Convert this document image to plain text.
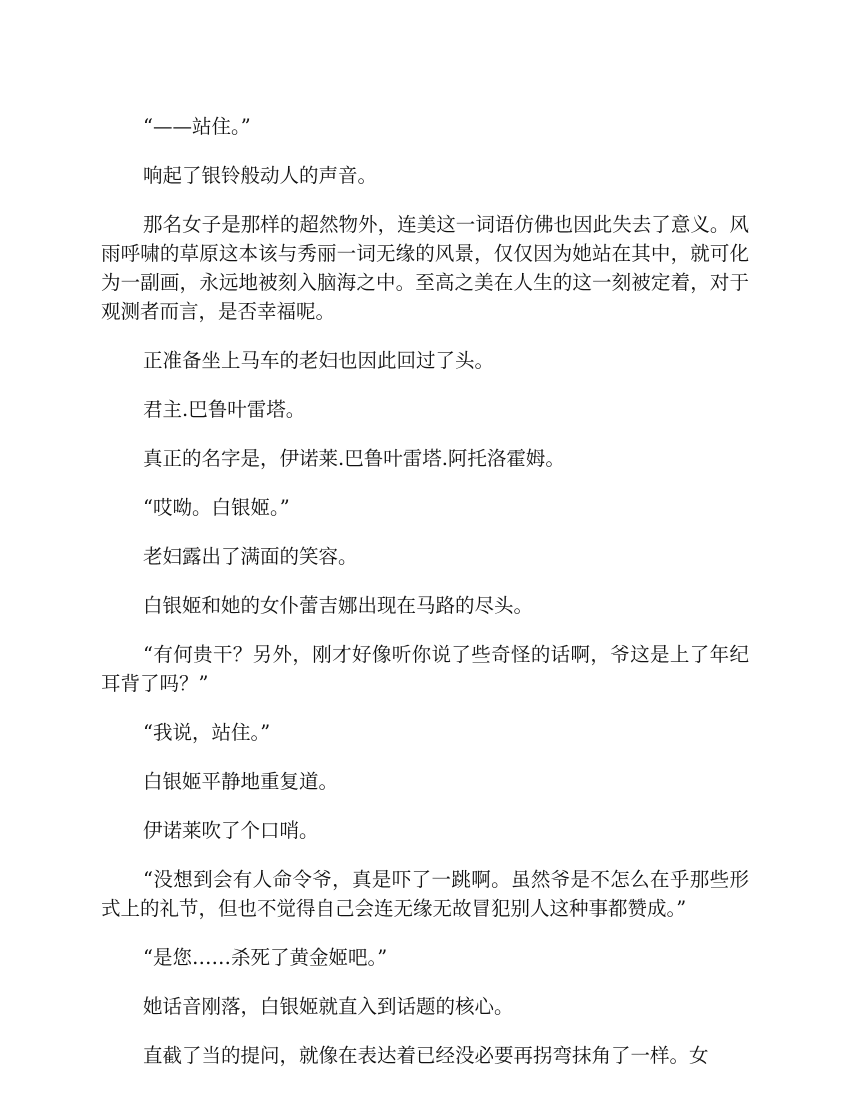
“——站住。”

响起了银铃般动人的声音。

那名女子是那样的超然物外，连美这一词语仿佛也因此失去了意义。风雨呼啸的草原这本该与秀丽一词无缘的风景，仅仅因为她站在其中，就可化为一副画，永远地被刻入脑海之中。至高之美在人生的这一刻被定着，对于观测者而言，是否幸福呢。

正准备坐上马车的老妇也因此回过了头。

君主.巴鲁叶雷塔。

真正的名字是，伊诺莱.巴鲁叶雷塔.阿托洛霍姆。

“哎呦。白银姬。”

老妇露出了满面的笑容。

白银姬和她的女仆蕾吉娜出现在马路的尽头。

“有何贵干？另外，刚才好像听你说了些奇怪的话啊，爷这是上了年纪耳背了吗？”

“我说，站住。”

白银姬平静地重复道。

伊诺莱吹了个口哨。

“没想到会有人命令爷，真是吓了一跳啊。虽然爷是不怎么在乎那些形式上的礼节，但也不觉得自己会连无缘无故冒犯别人这种事都赞成。”

“是您……杀死了黄金姬吧。”

她话音刚落，白银姬就直入到话题的核心。

直截了当的提问，就像在表达着已经没必要再拐弯抹角了一样。女
